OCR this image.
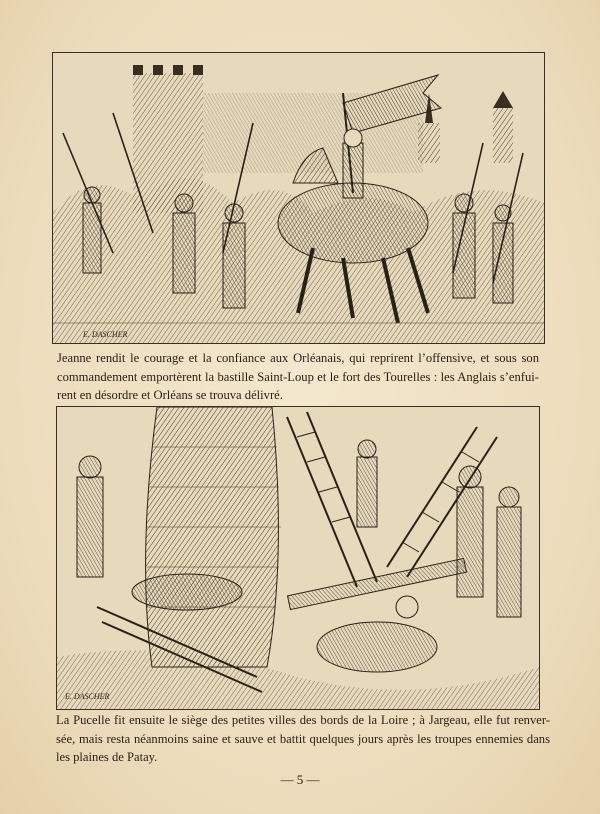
E. DASCHER
Jeanne rendit le courage et la confiance aux Orléanais, qui reprirent l’offensive, et sous son
commandement emportèrent la bastille Saint-Loup et le fort des Tourelles : les Anglais s’enfui-
rent en désordre et Orléans se trouva délivré.
E. DASCHER
La Pucelle fit ensuite le siège des petites villes des bords de la Loire ; à Jargeau, elle fut renver-
sée, mais resta néanmoins saine et sauve et battit quelques jours après les troupes ennemies dans
les plaines de Patay.
— 5 —
